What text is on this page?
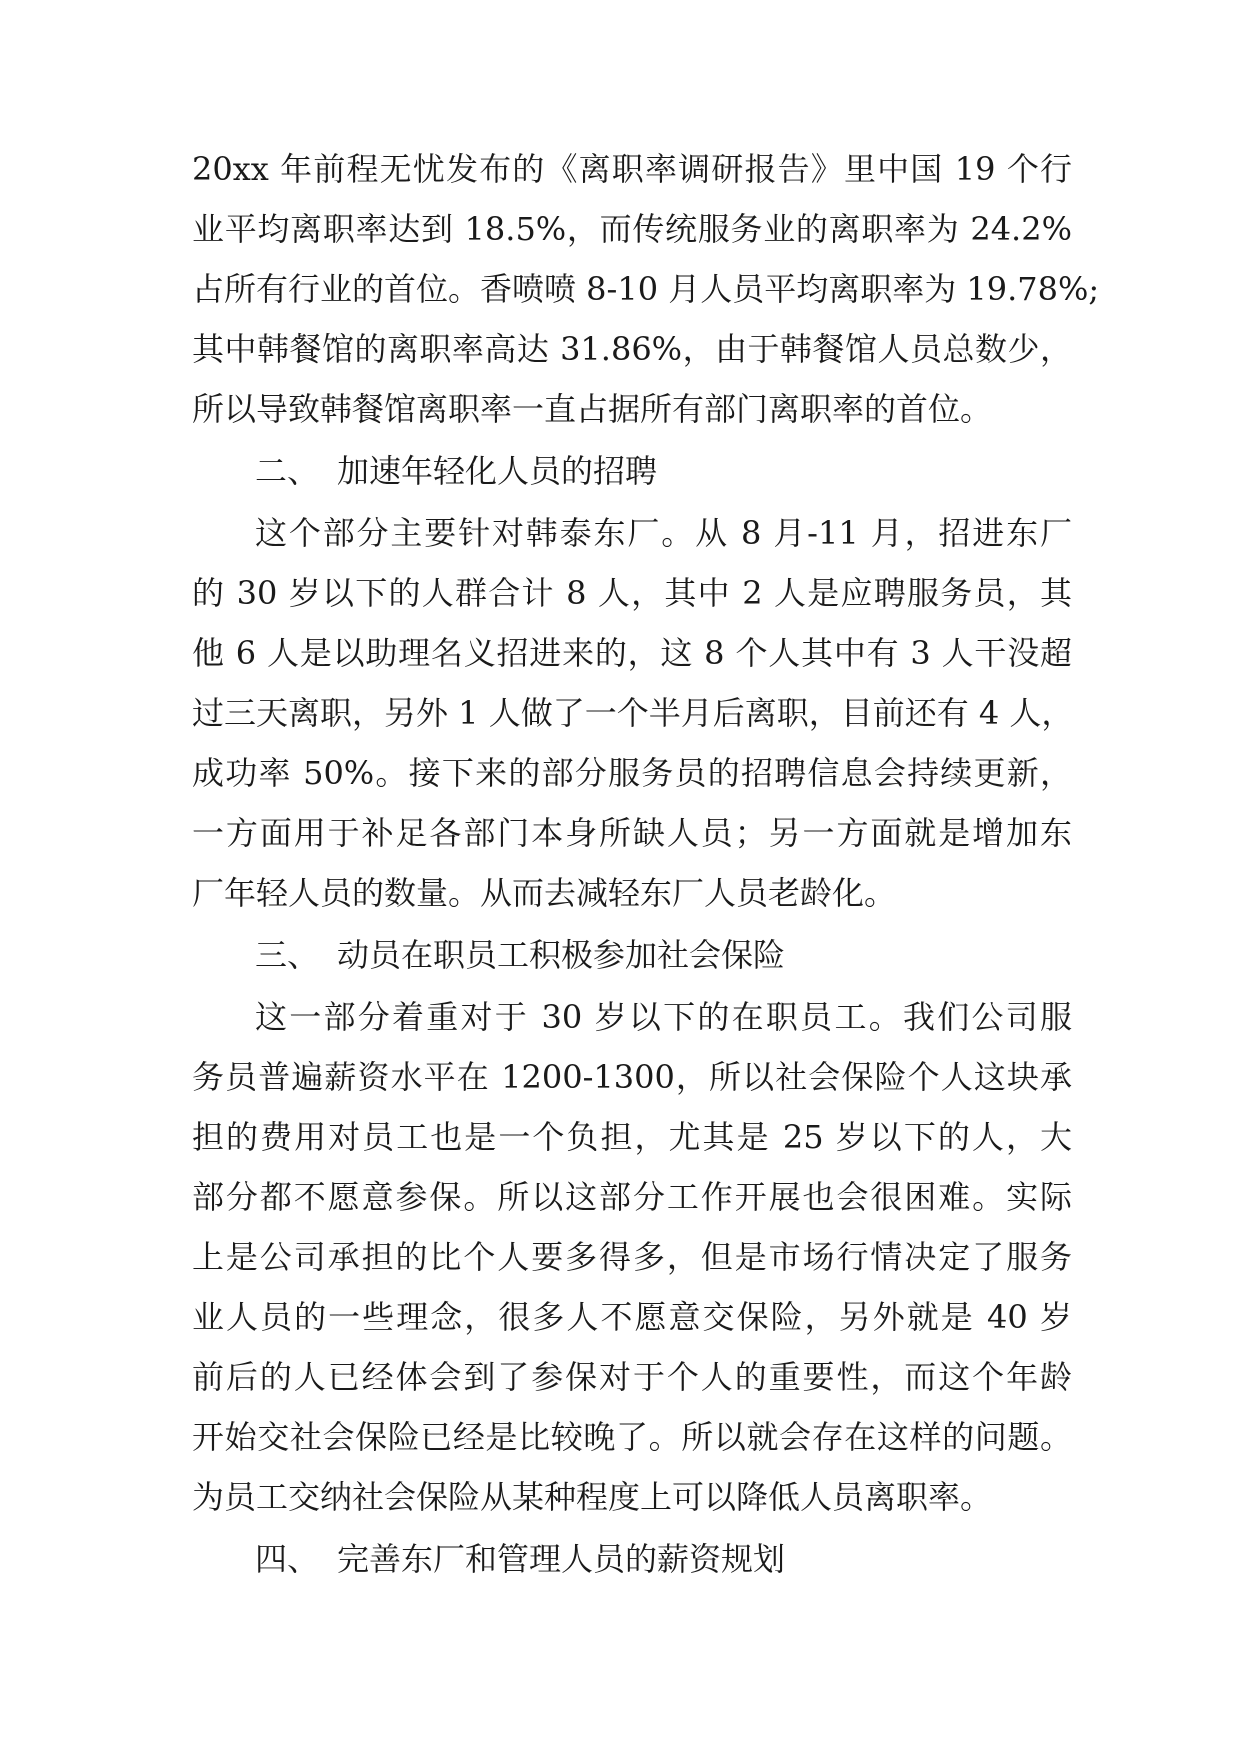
20xx 年前程无忧发布的《离职率调研报告》里中国 19 个行
业平均离职率达到 18.5%，而传统服务业的离职率为 24.2%
占所有行业的首位。香喷喷 8-10 月人员平均离职率为 19.78%;
其中韩餐馆的离职率高达 31.86%，由于韩餐馆人员总数少，
所以导致韩餐馆离职率一直占据所有部门离职率的首位。
二、 加速年轻化人员的招聘
这个部分主要针对韩泰东厂。从 8 月-11 月，招进东厂
的 30 岁以下的人群合计 8 人，其中 2 人是应聘服务员，其
他 6 人是以助理名义招进来的，这 8 个人其中有 3 人干没超
过三天离职，另外 1 人做了一个半月后离职，目前还有 4 人，
成功率 50%。接下来的部分服务员的招聘信息会持续更新，
一方面用于补足各部门本身所缺人员；另一方面就是增加东
厂年轻人员的数量。从而去减轻东厂人员老龄化。
三、 动员在职员工积极参加社会保险
这一部分着重对于 30 岁以下的在职员工。我们公司服
务员普遍薪资水平在 1200-1300，所以社会保险个人这块承
担的费用对员工也是一个负担，尤其是 25 岁以下的人，大
部分都不愿意参保。所以这部分工作开展也会很困难。实际
上是公司承担的比个人要多得多，但是市场行情决定了服务
业人员的一些理念，很多人不愿意交保险，另外就是 40 岁
前后的人已经体会到了参保对于个人的重要性，而这个年龄
开始交社会保险已经是比较晚了。所以就会存在这样的问题。
为员工交纳社会保险从某种程度上可以降低人员离职率。
四、 完善东厂和管理人员的薪资规划
